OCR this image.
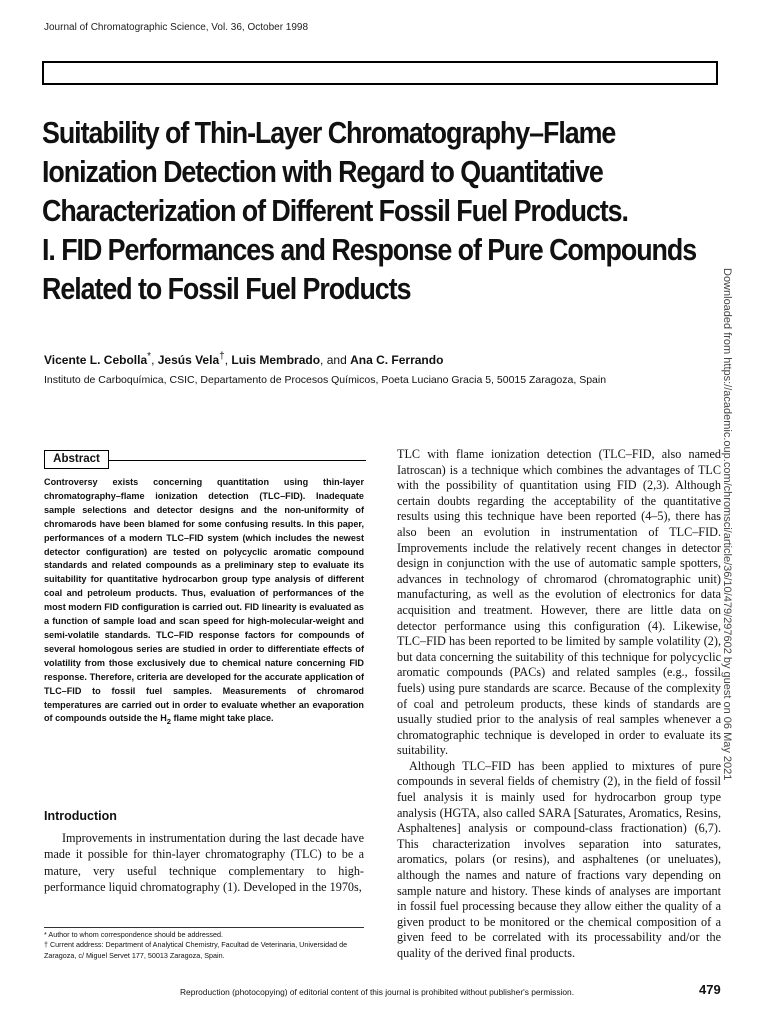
Journal of Chromatographic Science, Vol. 36, October 1998
Suitability of Thin-Layer Chromatography–Flame
Ionization Detection with Regard to Quantitative
Characterization of Different Fossil Fuel Products.
I. FID Performances and Response of Pure Compounds
Related to Fossil Fuel Products
Vicente L. Cebolla*, Jesús Vela†, Luis Membrado, and Ana C. Ferrando
Instituto de Carboquímica, CSIC, Departamento de Procesos Químicos, Poeta Luciano Gracia 5, 50015 Zaragoza, Spain	Downloaded from https://academic.oup.com/chromsci/article/36/10/479/297602 by guest on 06 May 2021
Abstract
Controversy exists concerning quantitation using thin-layer chromatography–flame ionization detection (TLC–FID). Inadequate sample selections and detector designs and the non-uniformity of chromarods have been blamed for some confusing results. In this paper, performances of a modern TLC–FID system (which includes the newest detector configuration) are tested on polycyclic aromatic compound standards and related compounds as a preliminary step to evaluate its suitability for quantitative hydrocarbon group type analysis of different coal and petroleum products. Thus, evaluation of performances of the most modern FID configuration is carried out. FID linearity is evaluated as a function of sample load and scan speed for high-molecular-weight and semi-volatile standards. TLC–FID response factors for compounds of several homologous series are studied in order to differentiate effects of volatility from those exclusively due to chemical nature concerning FID response. Therefore, criteria are developed for the accurate application of TLC–FID to fossil fuel samples. Measurements of chromarod temperatures are carried out in order to evaluate whether an evaporation of compounds outside the $H_2$ flame might take place.
Introduction
Improvements in instrumentation during the last decade have made it possible for thin-layer chromatography (TLC) to be a mature, very useful technique complementary to high-performance liquid chromatography (1). Developed in the 1970s,
* Author to whom correspondence should be addressed.
† Current address: Department of Analytical Chemistry, Facultad de Veterinaria, Universidad de Zaragoza, c/ Miguel Servet 177, 50013 Zaragoza, Spain.

TLC with flame ionization detection (TLC–FID, also named Iatroscan) is a technique which combines the advantages of TLC with the possibility of quantitation using FID (2,3). Although certain doubts regarding the acceptability of the quantitative results using this technique have been reported (4–5), there has also been an evolution in instrumentation of TLC–FID. Improvements include the relatively recent changes in detector design in conjunction with the use of automatic sample spotters, advances in technology of chromarod (chromatographic unit) manufacturing, as well as the evolution of electronics for data acquisition and treatment. However, there are little data on detector performance using this configuration (4). Likewise, TLC–FID has been reported to be limited by sample volatility (2), but data concerning the suitability of this technique for polycyclic aromatic compounds (PACs) and related samples (e.g., fossil fuels) using pure standards are scarce. Because of the complexity of coal and petroleum products, these kinds of standards are usually studied prior to the analysis of real samples whenever a chromatographic technique is developed in order to evaluate its suitability.

Although TLC–FID has been applied to mixtures of pure compounds in several fields of chemistry (2), in the field of fossil fuel analysis it is mainly used for hydrocarbon group type analysis (HGTA, also called SARA [Saturates, Aromatics, Resins, Asphaltenes] analysis or compound-class fractionation) (6,7). This characterization involves separation into saturates, aromatics, polars (or resins), and asphaltenes (or uneluates), although the names and nature of fractions vary depending on sample nature and history. These kinds of analyses are important in fossil fuel processing because they allow either the quality of a given product to be monitored or the chemical composition of a given feed to be correlated with its processability and/or the quality of the derived final products.

Reproduction (photocopying) of editorial content of this journal is prohibited without publisher's permission.	479
